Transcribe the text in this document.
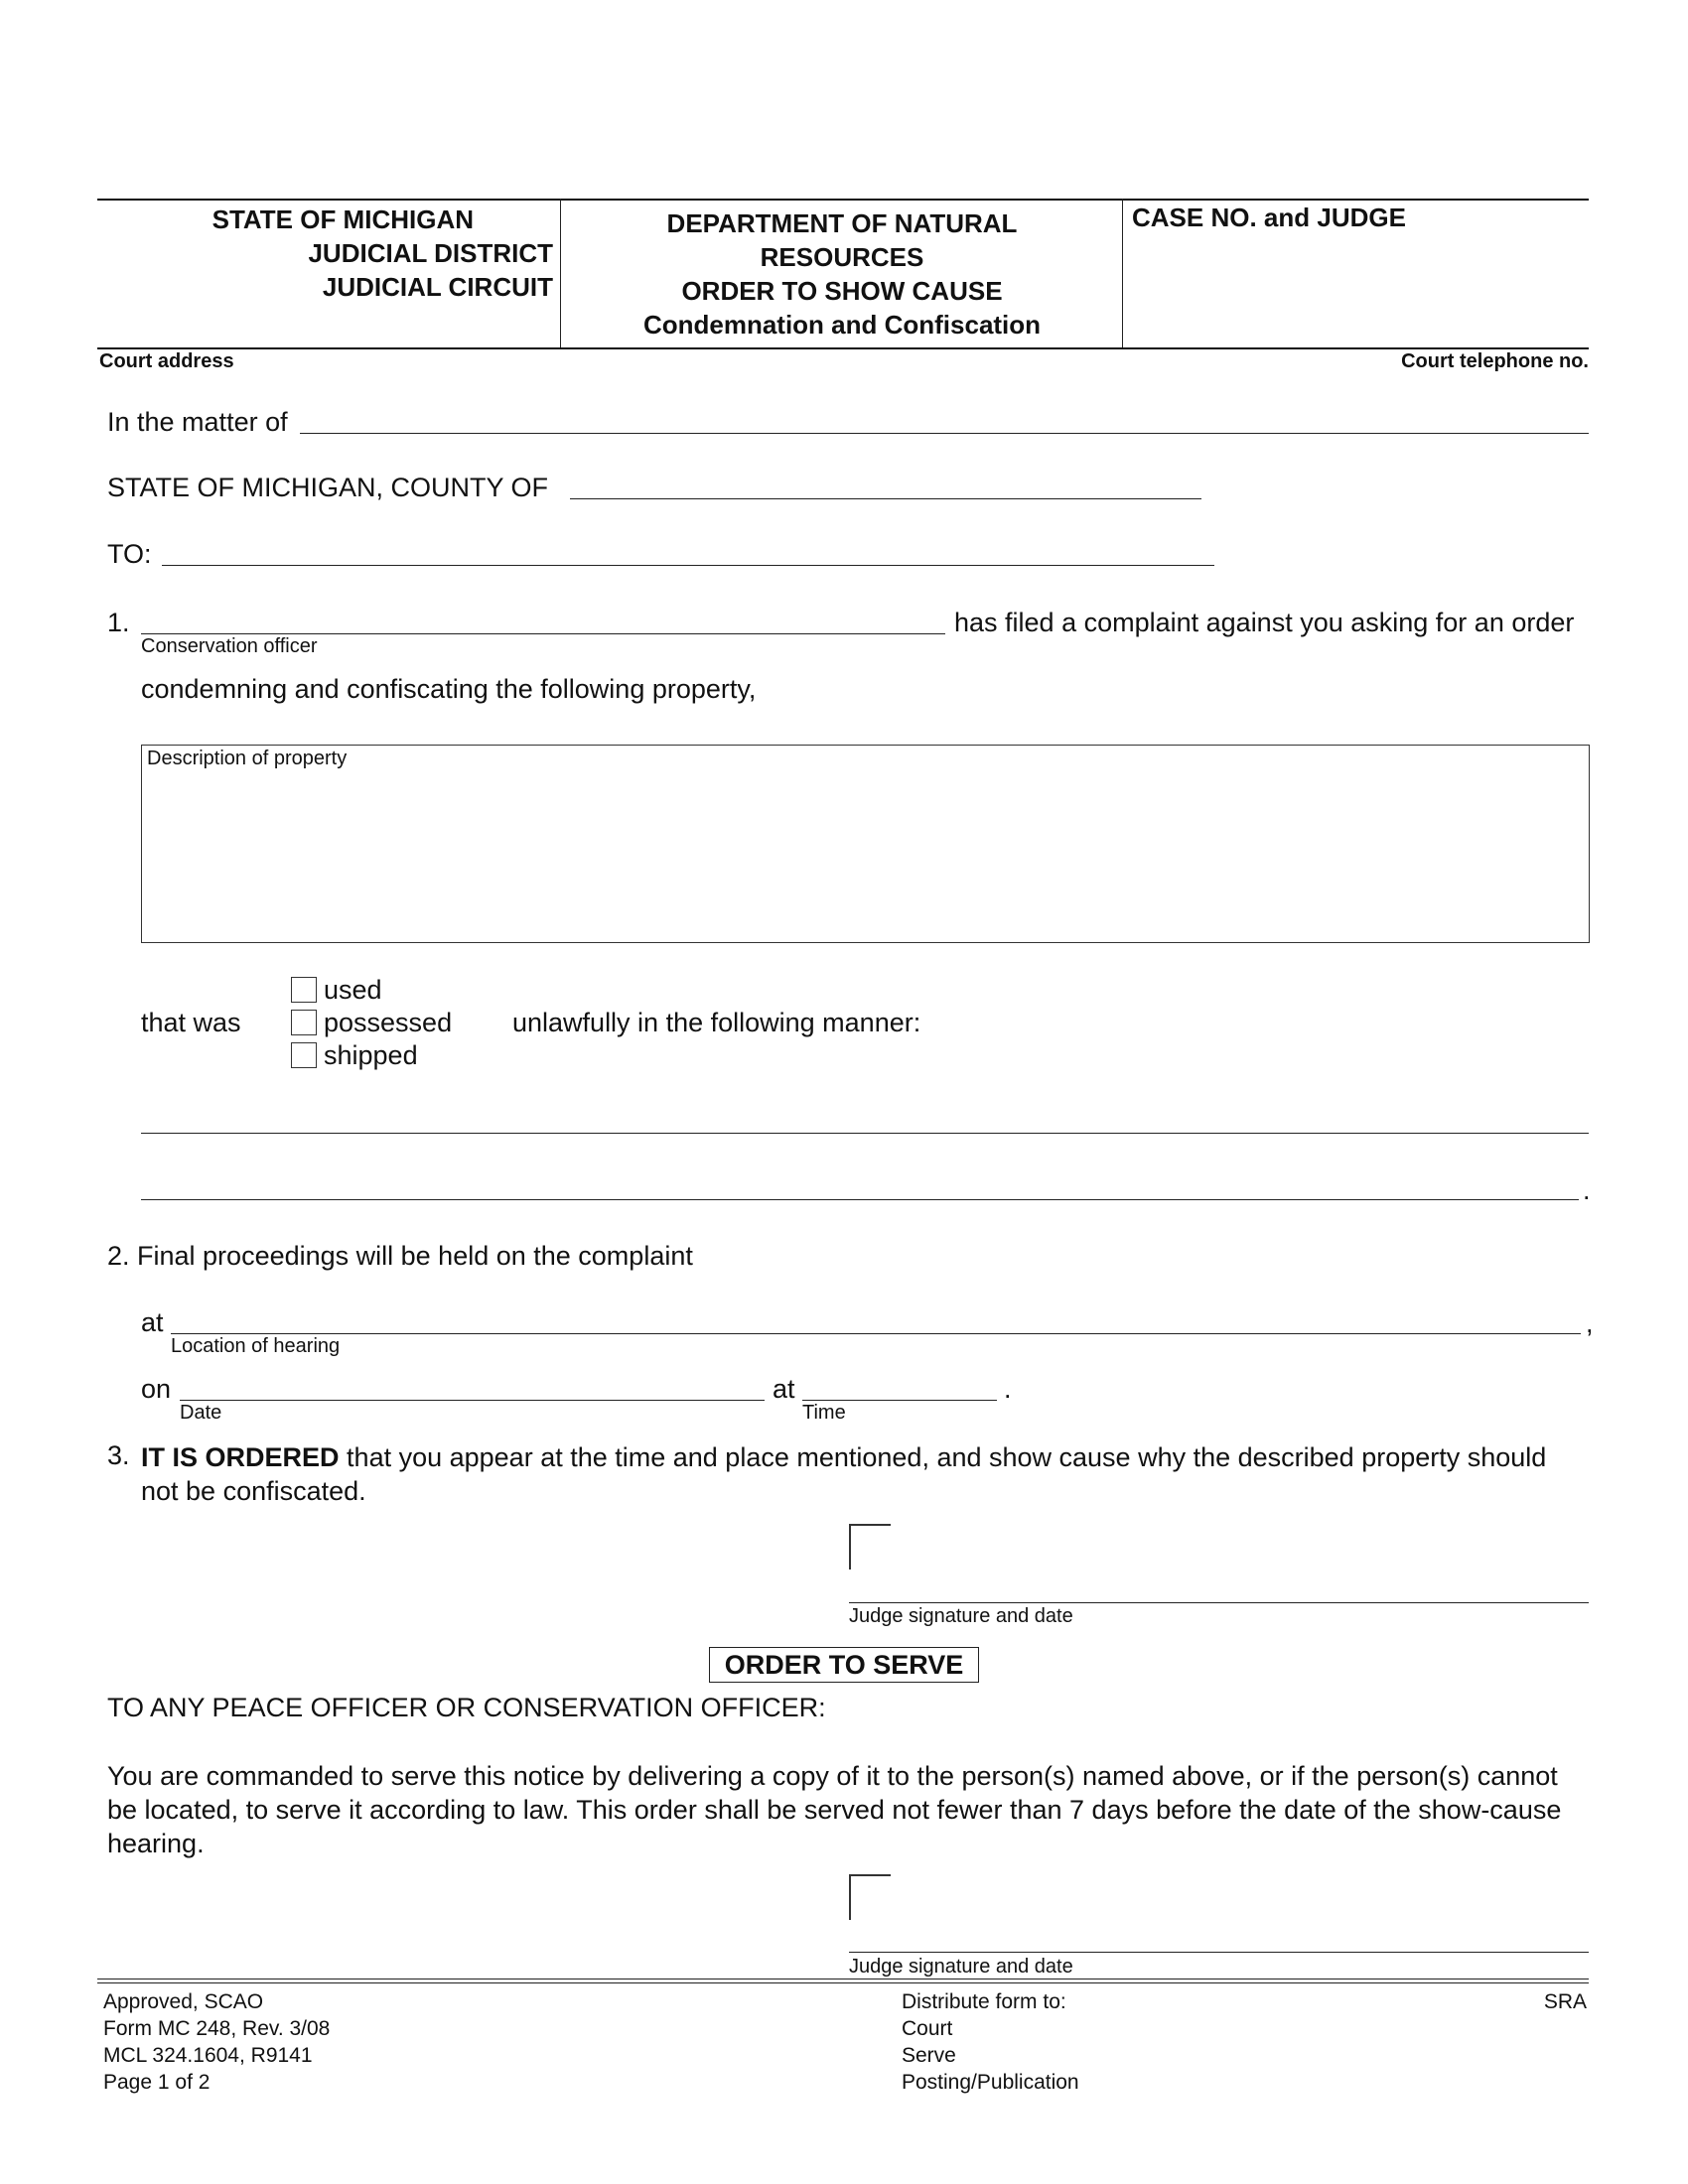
STATE OF MICHIGAN
JUDICIAL DISTRICT
JUDICIAL CIRCUIT
DEPARTMENT OF NATURAL
RESOURCES
ORDER TO SHOW CAUSE
Condemnation and Confiscation
CASE NO. and JUDGE
Court address	Court telephone no.
In the matter of
STATE OF MICHIGAN, COUNTY OF
TO:
1.
Conservation officer
has filed a complaint against you asking for an order
condemning and confiscating the following property,
Description of property
that was
used
possessed
shipped
unlawfully in the following manner:
.
2. Final proceedings will be held on the complaint
at
Location of hearing
,
on
Date
at
Time
.
3. IT IS ORDERED that you appear at the time and place mentioned, and show cause why the described property should
not be confiscated.
Judge signature and date
ORDER TO SERVE
TO ANY PEACE OFFICER OR CONSERVATION OFFICER:
You are commanded to serve this notice by delivering a copy of it to the person(s) named above, or if the person(s) cannot
be located, to serve it according to law. This order shall be served not fewer than 7 days before the date of the show-cause
hearing.
Judge signature and date
Approved, SCAO
Form MC 248, Rev. 3/08
MCL 324.1604, R9141
Page 1 of 2
Distribute form to:
Court
Serve
Posting/Publication
SRA
